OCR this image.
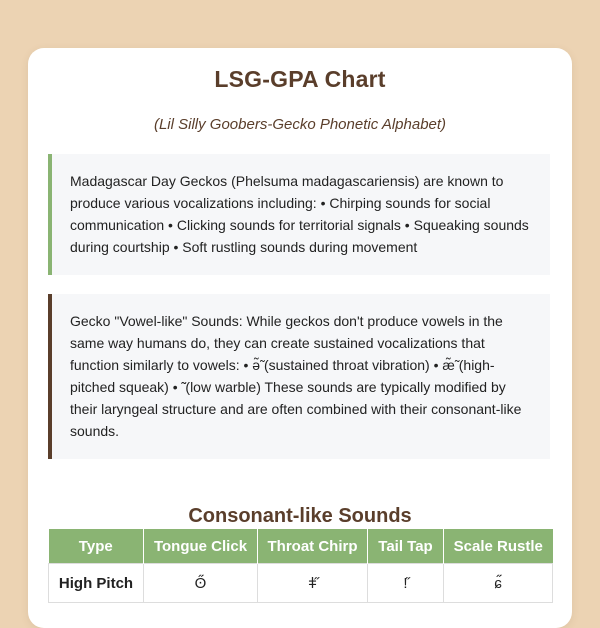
LSG-GPA Chart
(Lil Silly Goobers-Gecko Phonetic Alphabet)
Madagascar Day Geckos (Phelsuma madagascariensis) are known to produce various vocalizations including: • Chirping sounds for social communication • Clicking sounds for territorial signals • Squeaking sounds during courtship • Soft rustling sounds during movement
Gecko "Vowel-like" Sounds: While geckos don't produce vowels in the same way humans do, they can create sustained vocalizations that function similarly to vowels: • ə̃̃ (sustained throat vibration) • æ̃̃ (high-pitched squeak) • ̃̃ (low warble) These sounds are typically modified by their laryngeal structure and are often combined with their consonant-like sounds.
Consonant-like Sounds
Type	Tongue Click	Throat Chirp	Tail Tap	Scale Rustle
High Pitch	ʘ̋	ǂ̋	ǃ̋	ɕ̋
